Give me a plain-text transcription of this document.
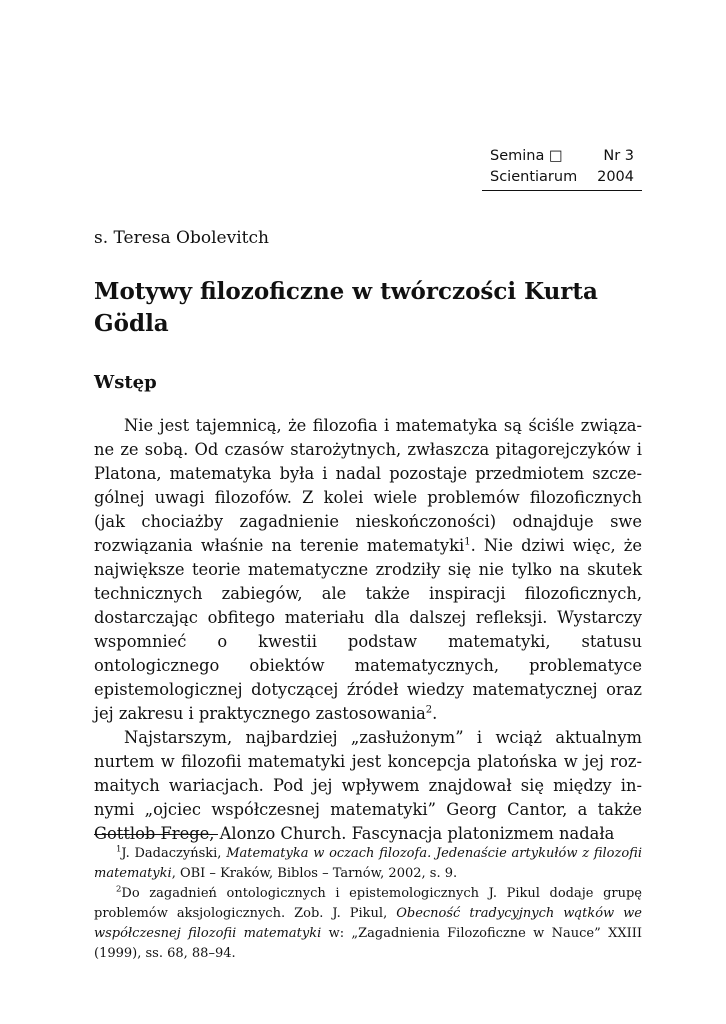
Semina □	Nr 3
Scientiarum 2004
s. Teresa Obolevitch
Motywy filozoficzne w twórczości Kurta Gödla
Wstęp

Nie jest tajemnicą, że filozofia i matematyka są ściśle związane ze sobą. Od czasów starożytnych, zwłaszcza pitagorejczyków i Platona, matematyka była i nadal pozostaje przedmiotem szczególnej uwagi filozofów. Z kolei wiele problemów filozoficznych (jak chociażby zagadnienie nieskończoności) odnajduje swe rozwiązania właśnie na terenie matematyki$^1$. Nie dziwi więc, że największe teorie matematyczne zrodziły się nie tylko na skutek technicznych zabiegów, ale także inspiracji filozoficznych, dostarczając obfitego materiału dla dalszej refleksji. Wystarczy wspomnieć o kwestii podstaw matematyki, statusu ontologicznego obiektów matematycznych, problematyce epistemologicznej dotyczącej źródeł wiedzy matematycznej oraz jej zakresu i praktycznego zastosowania$^2$.

Najstarszym, najbardziej „zasłużonym” i wciąż aktualnym nurtem w filozofii matematyki jest koncepcja platońska w jej rozmaitych wariacjach. Pod jej wpływem znajdował się między innymi „ojciec współczesnej matematyki” Georg Cantor, a także Gottlob Frege, Alonzo Church. Fascynacja platonizmem nadała

$^1$J. Dadaczyński, Matematyka w oczach filozofa. Jedenaście artykułów z filozofii matematyki, OBI – Kraków, Biblos – Tarnów, 2002, s. 9.

$^2$Do zagadnień ontologicznych i epistemologicznych J. Pikul dodaje grupę problemów aksjologicznych. Zob. J. Pikul, Obecność tradycyjnych wątków we współczesnej filozofii matematyki w: „Zagadnienia Filozoficzne w Nauce” XXIII (1999), ss. 68, 88–94.
